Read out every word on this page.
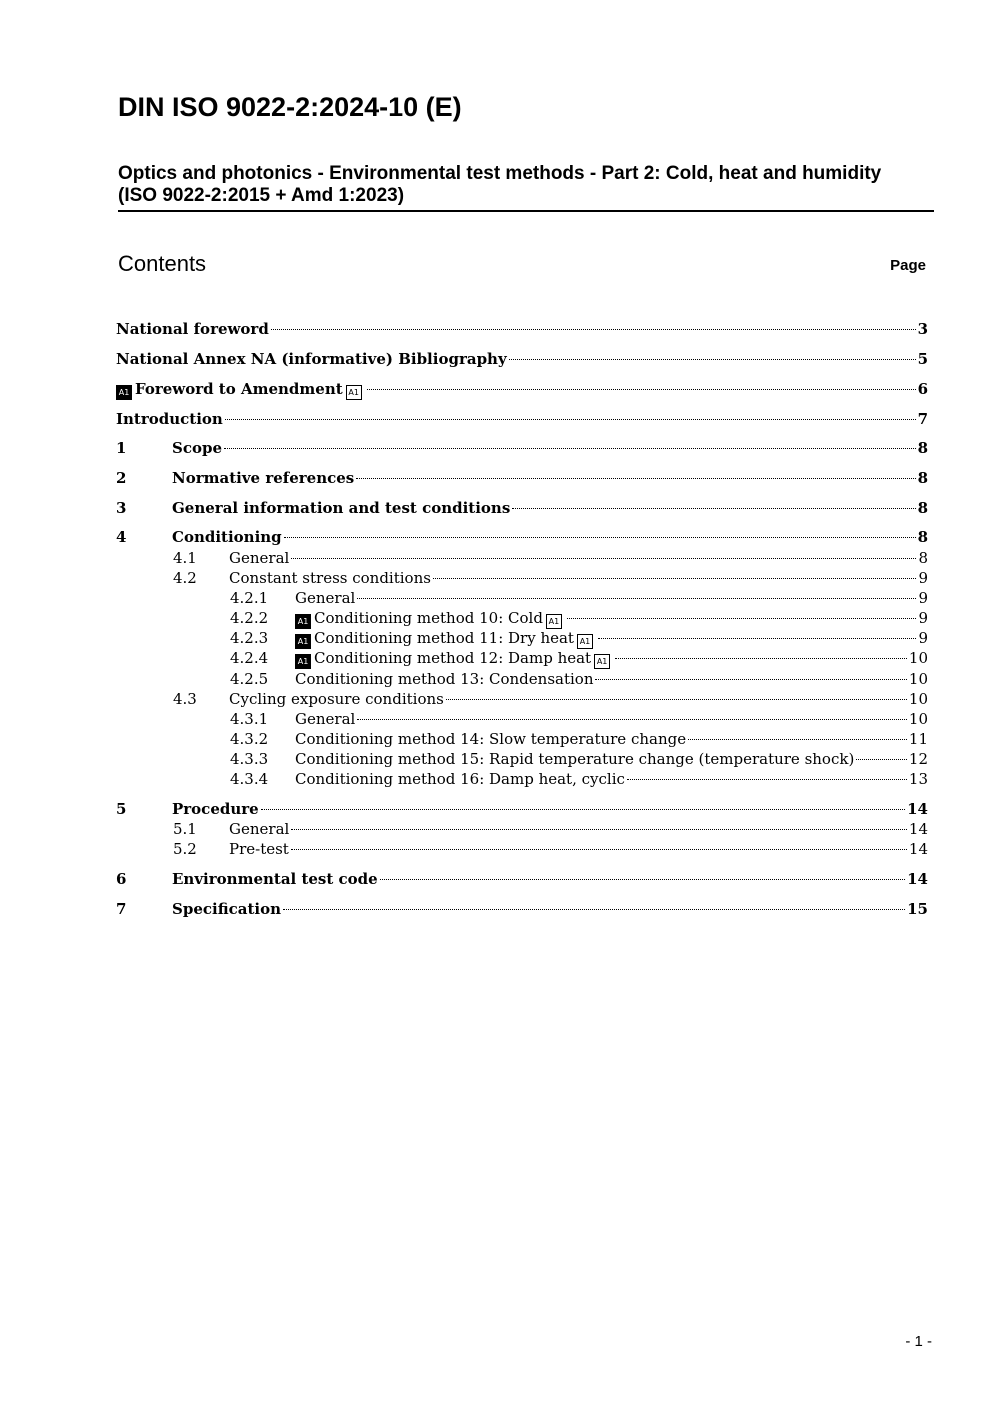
DIN ISO 9022-2:2024-10 (E)
Optics and photonics - Environmental test methods - Part 2: Cold, heat and humidity
(ISO 9022-2:2015 + Amd 1:2023)
Contents	Page
National foreword	3
National Annex NA (informative) Bibliography	5
A1 Foreword to Amendment A1	6
Introduction	7
1	Scope	8
2	Normative references	8
3	General information and test conditions	8
4	Conditioning	8
4.1	General	8
4.2	Constant stress conditions	9
4.2.1	General	9
4.2.2	A1 Conditioning method 10: Cold A1	9
4.2.3	A1 Conditioning method 11: Dry heat A1	9
4.2.4	A1 Conditioning method 12: Damp heat A1	10
4.2.5	Conditioning method 13: Condensation	10
4.3	Cycling exposure conditions	10
4.3.1	General	10
4.3.2	Conditioning method 14: Slow temperature change	11
4.3.3	Conditioning method 15: Rapid temperature change (temperature shock)	12
4.3.4	Conditioning method 16: Damp heat, cyclic	13
5	Procedure	14
5.1	General	14
5.2	Pre-test	14
6	Environmental test code	14
7	Specification	15
- 1 -
